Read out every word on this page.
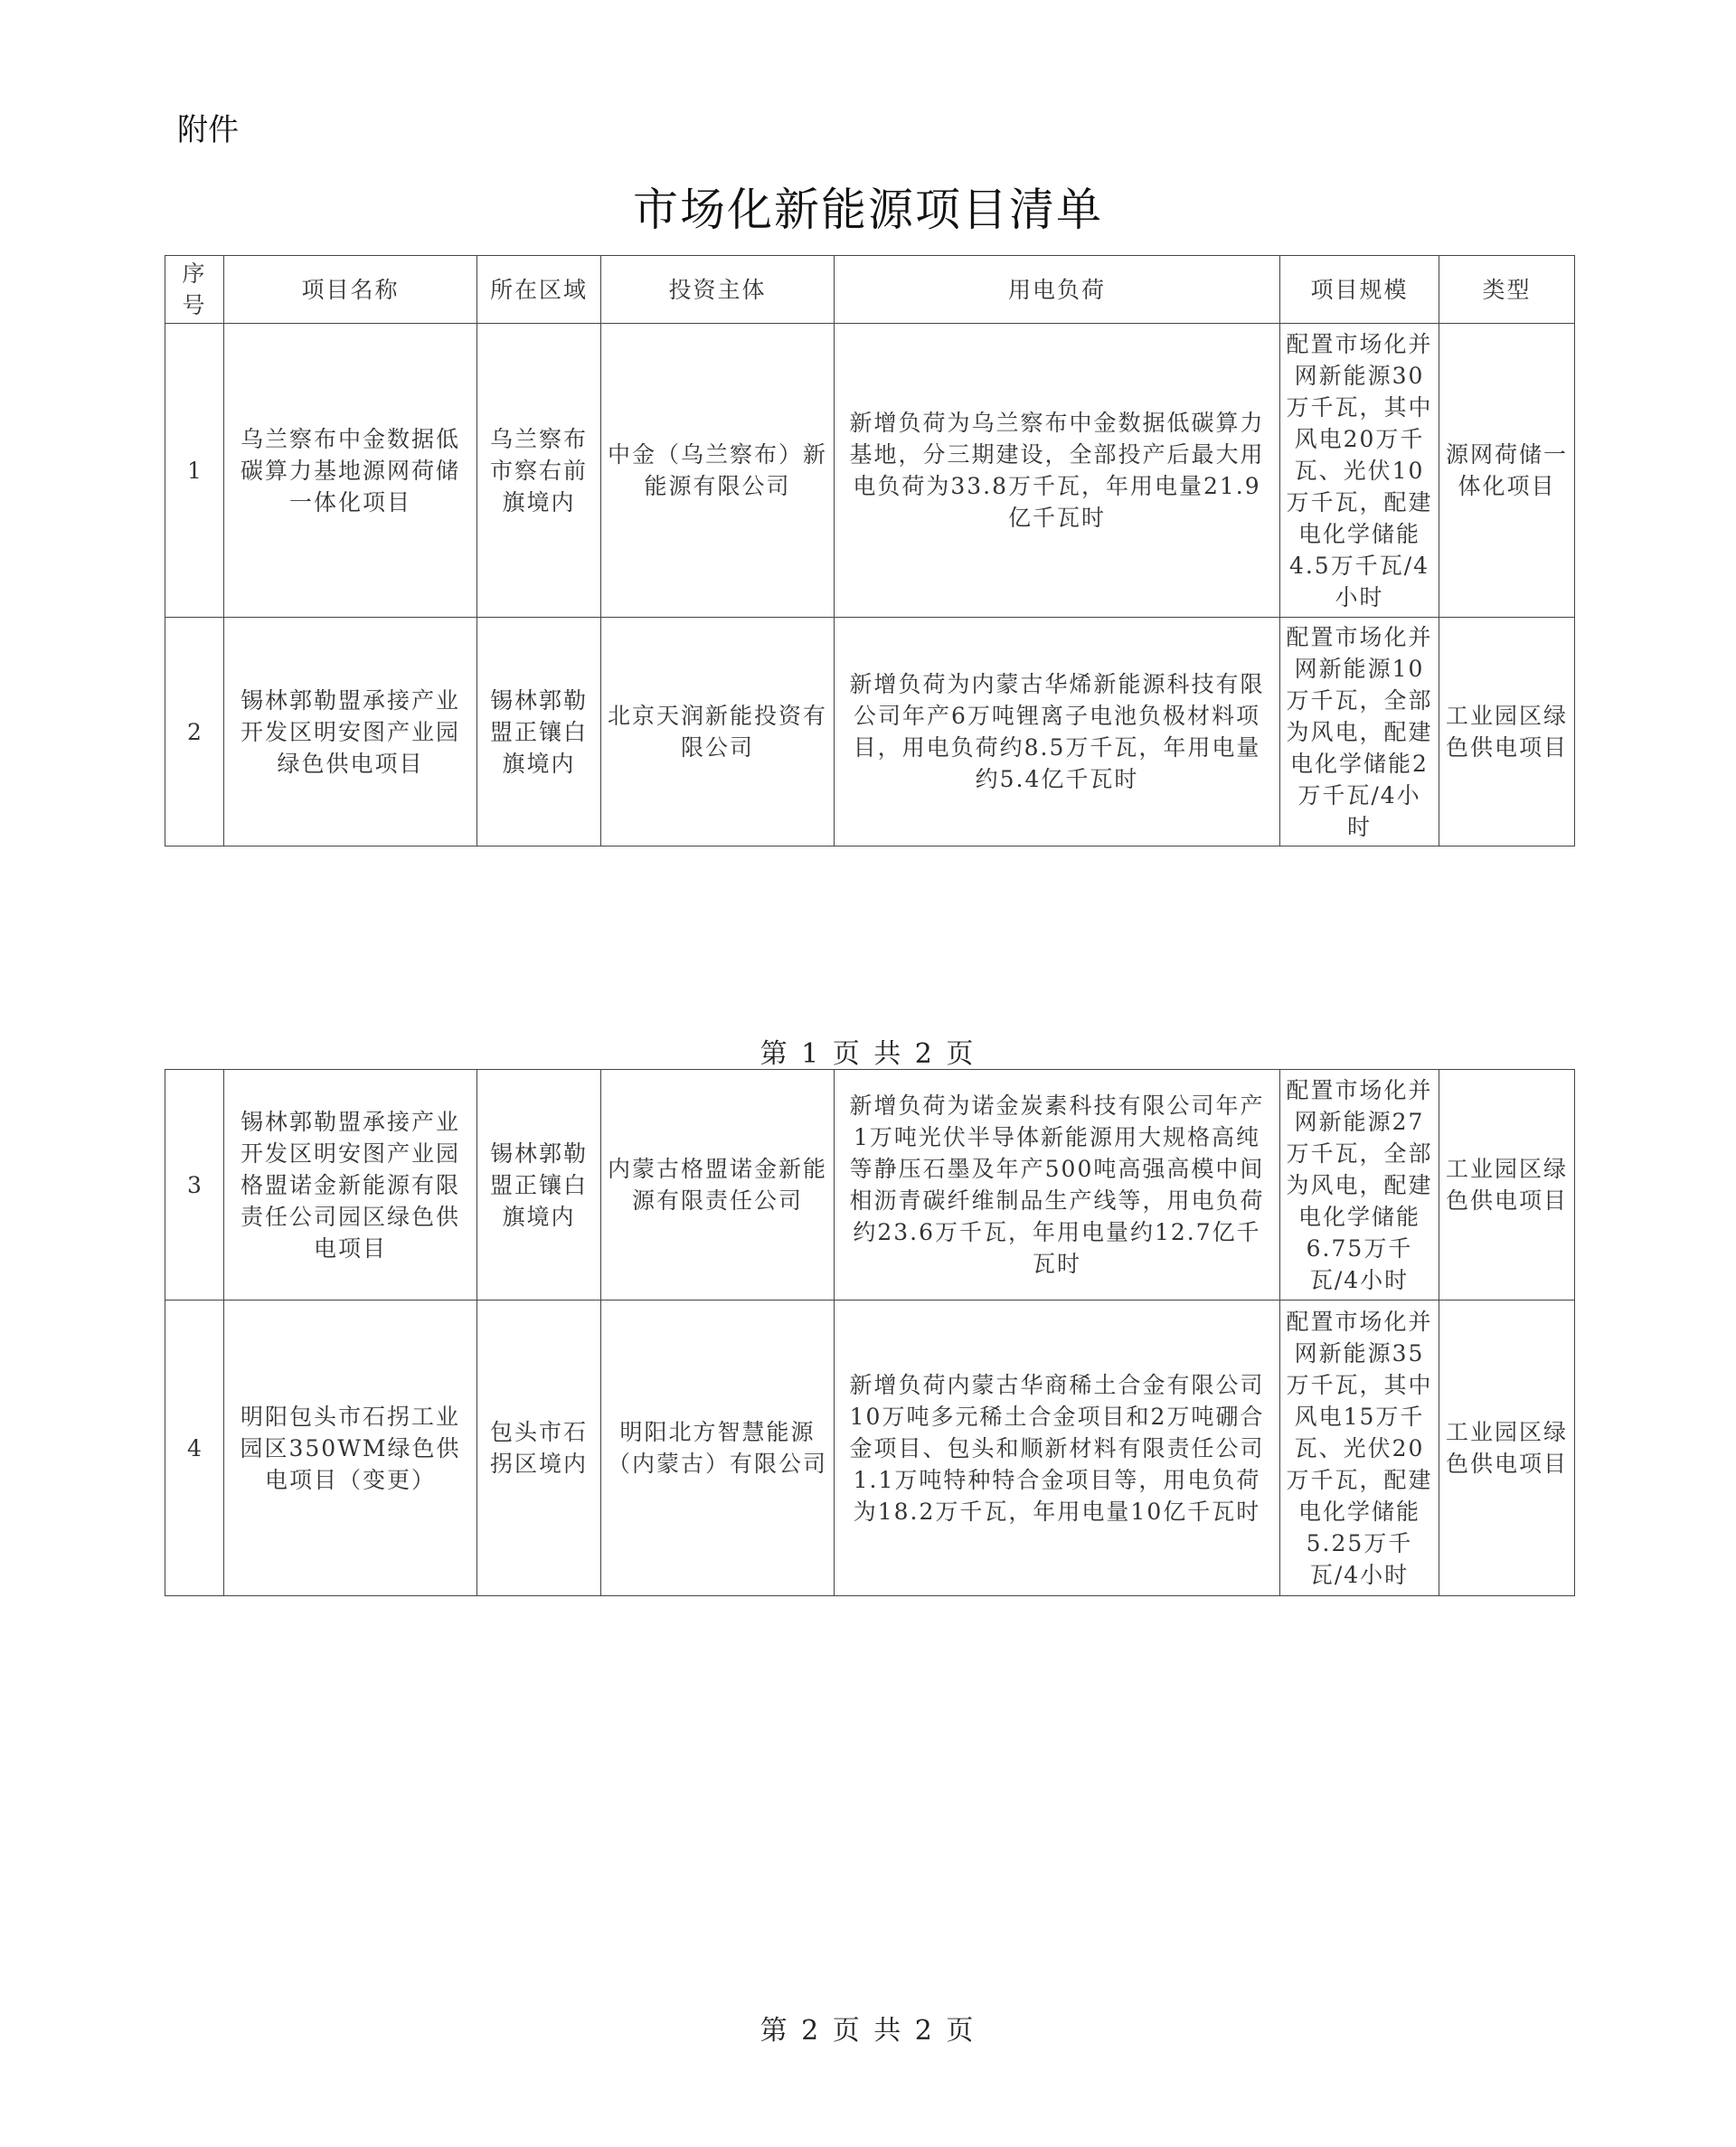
附件
市场化新能源项目清单
序号	项目名称	所在区域	投资主体	用电负荷	项目规模	类型
1	乌兰察布中金数据低碳算力基地源网荷储一体化项目	乌兰察布市察右前旗境内	中金（乌兰察布）新能源有限公司	新增负荷为乌兰察布中金数据低碳算力基地，分三期建设，全部投产后最大用电负荷为33.8万千瓦，年用电量21.9亿千瓦时	配置市场化并网新能源30万千瓦，其中风电20万千瓦、光伏10万千瓦，配建电化学储能4.5万千瓦/4小时	源网荷储一体化项目
2	锡林郭勒盟承接产业开发区明安图产业园绿色供电项目	锡林郭勒盟正镶白旗境内	北京天润新能投资有限公司	新增负荷为内蒙古华烯新能源科技有限公司年产6万吨锂离子电池负极材料项目，用电负荷约8.5万千瓦，年用电量约5.4亿千瓦时	配置市场化并网新能源10万千瓦，全部为风电，配建电化学储能2万千瓦/4小时	工业园区绿色供电项目
第 1 页 共 2 页
3	锡林郭勒盟承接产业开发区明安图产业园格盟诺金新能源有限责任公司园区绿色供电项目	锡林郭勒盟正镶白旗境内	内蒙古格盟诺金新能源有限责任公司	新增负荷为诺金炭素科技有限公司年产1万吨光伏半导体新能源用大规格高纯等静压石墨及年产500吨高强高模中间相沥青碳纤维制品生产线等，用电负荷约23.6万千瓦，年用电量约12.7亿千瓦时	配置市场化并网新能源27万千瓦，全部为风电，配建电化学储能6.75万千瓦/4小时	工业园区绿色供电项目
4	明阳包头市石拐工业园区350WM绿色供电项目（变更）	包头市石拐区境内	明阳北方智慧能源（内蒙古）有限公司	新增负荷内蒙古华商稀土合金有限公司10万吨多元稀土合金项目和2万吨硼合金项目、包头和顺新材料有限责任公司1.1万吨特种特合金项目等，用电负荷为18.2万千瓦，年用电量10亿千瓦时	配置市场化并网新能源35万千瓦，其中风电15万千瓦、光伏20万千瓦，配建电化学储能5.25万千瓦/4小时	工业园区绿色供电项目
第 2 页 共 2 页
